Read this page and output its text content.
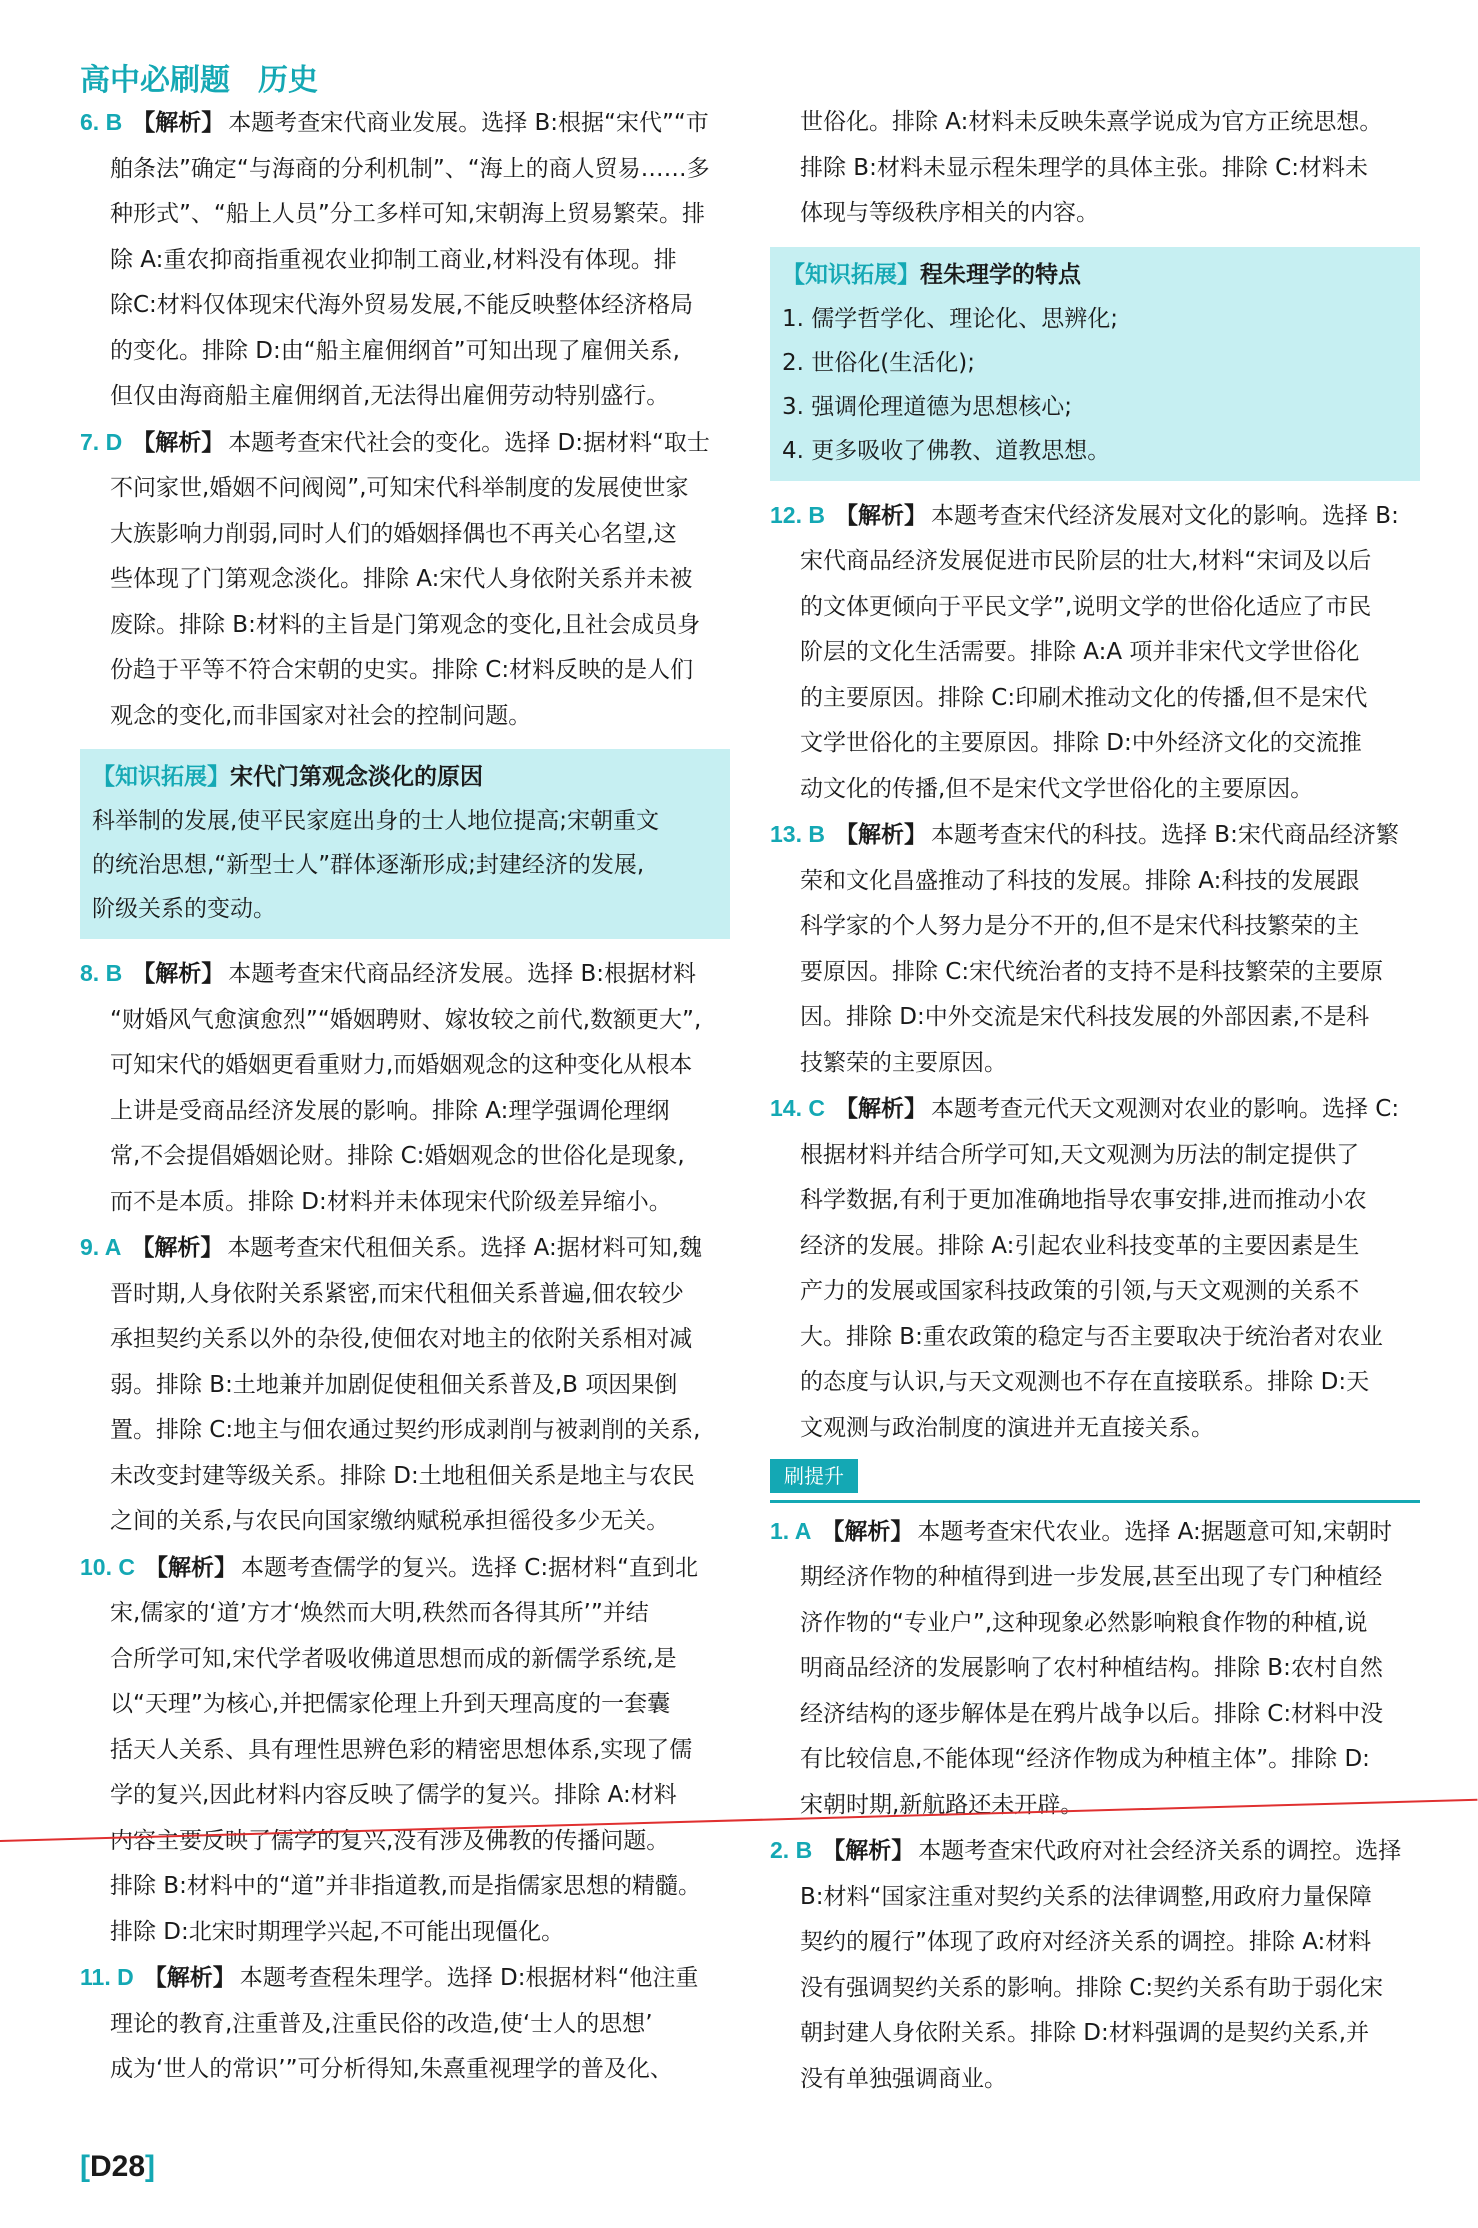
高中必刷题 历史
6. B 【解析】 本题考查宋代商业发展。选择 B:根据“宋代”“市
舶条法”确定“与海商的分利机制”、“海上的商人贸易……多
种形式”、“船上人员”分工多样可知,宋朝海上贸易繁荣。排
除 A:重农抑商指重视农业抑制工商业,材料没有体现。排
除C:材料仅体现宋代海外贸易发展,不能反映整体经济格局
的变化。排除 D:由“船主雇佣纲首”可知出现了雇佣关系,
但仅由海商船主雇佣纲首,无法得出雇佣劳动特别盛行。
7. D 【解析】 本题考查宋代社会的变化。选择 D:据材料“取士
不问家世,婚姻不问阀阅”,可知宋代科举制度的发展使世家
大族影响力削弱,同时人们的婚姻择偶也不再关心名望,这
些体现了门第观念淡化。排除 A:宋代人身依附关系并未被
废除。排除 B:材料的主旨是门第观念的变化,且社会成员身
份趋于平等不符合宋朝的史实。排除 C:材料反映的是人们
观念的变化,而非国家对社会的控制问题。
【知识拓展】宋代门第观念淡化的原因
科举制的发展,使平民家庭出身的士人地位提高;宋朝重文
的统治思想,“新型士人”群体逐渐形成;封建经济的发展,
阶级关系的变动。
8. B 【解析】 本题考查宋代商品经济发展。选择 B:根据材料
“财婚风气愈演愈烈”“婚姻聘财、嫁妆较之前代,数额更大”,
可知宋代的婚姻更看重财力,而婚姻观念的这种变化从根本
上讲是受商品经济发展的影响。排除 A:理学强调伦理纲
常,不会提倡婚姻论财。排除 C:婚姻观念的世俗化是现象,
而不是本质。排除 D:材料并未体现宋代阶级差异缩小。
9. A 【解析】 本题考查宋代租佃关系。选择 A:据材料可知,魏
晋时期,人身依附关系紧密,而宋代租佃关系普遍,佃农较少
承担契约关系以外的杂役,使佃农对地主的依附关系相对减
弱。排除 B:土地兼并加剧促使租佃关系普及,B 项因果倒
置。排除 C:地主与佃农通过契约形成剥削与被剥削的关系,
未改变封建等级关系。排除 D:土地租佃关系是地主与农民
之间的关系,与农民向国家缴纳赋税承担徭役多少无关。
10. C 【解析】 本题考查儒学的复兴。选择 C:据材料“直到北
宋,儒家的‘道’方才‘焕然而大明,秩然而各得其所’”并结
合所学可知,宋代学者吸收佛道思想而成的新儒学系统,是
以“天理”为核心,并把儒家伦理上升到天理高度的一套囊
括天人关系、具有理性思辨色彩的精密思想体系,实现了儒
学的复兴,因此材料内容反映了儒学的复兴。排除 A:材料
内容主要反映了儒学的复兴,没有涉及佛教的传播问题。
排除 B:材料中的“道”并非指道教,而是指儒家思想的精髓。
排除 D:北宋时期理学兴起,不可能出现僵化。
11. D 【解析】 本题考查程朱理学。选择 D:根据材料“他注重
理论的教育,注重普及,注重民俗的改造,使‘士人的思想’
成为‘世人的常识’”可分析得知,朱熹重视理学的普及化、
世俗化。排除 A:材料未反映朱熹学说成为官方正统思想。
排除 B:材料未显示程朱理学的具体主张。排除 C:材料未
体现与等级秩序相关的内容。
【知识拓展】程朱理学的特点
1. 儒学哲学化、理论化、思辨化;
2. 世俗化(生活化);
3. 强调伦理道德为思想核心;
4. 更多吸收了佛教、道教思想。
12. B 【解析】 本题考查宋代经济发展对文化的影响。选择 B:
宋代商品经济发展促进市民阶层的壮大,材料“宋词及以后
的文体更倾向于平民文学”,说明文学的世俗化适应了市民
阶层的文化生活需要。排除 A:A 项并非宋代文学世俗化
的主要原因。排除 C:印刷术推动文化的传播,但不是宋代
文学世俗化的主要原因。排除 D:中外经济文化的交流推
动文化的传播,但不是宋代文学世俗化的主要原因。
13. B 【解析】 本题考查宋代的科技。选择 B:宋代商品经济繁
荣和文化昌盛推动了科技的发展。排除 A:科技的发展跟
科学家的个人努力是分不开的,但不是宋代科技繁荣的主
要原因。排除 C:宋代统治者的支持不是科技繁荣的主要原
因。排除 D:中外交流是宋代科技发展的外部因素,不是科
技繁荣的主要原因。
14. C 【解析】 本题考查元代天文观测对农业的影响。选择 C:
根据材料并结合所学可知,天文观测为历法的制定提供了
科学数据,有利于更加准确地指导农事安排,进而推动小农
经济的发展。排除 A:引起农业科技变革的主要因素是生
产力的发展或国家科技政策的引领,与天文观测的关系不
大。排除 B:重农政策的稳定与否主要取决于统治者对农业
的态度与认识,与天文观测也不存在直接联系。排除 D:天
文观测与政治制度的演进并无直接关系。
刷提升
1. A 【解析】 本题考查宋代农业。选择 A:据题意可知,宋朝时
期经济作物的种植得到进一步发展,甚至出现了专门种植经
济作物的“专业户”,这种现象必然影响粮食作物的种植,说
明商品经济的发展影响了农村种植结构。排除 B:农村自然
经济结构的逐步解体是在鸦片战争以后。排除 C:材料中没
有比较信息,不能体现“经济作物成为种植主体”。排除 D:
宋朝时期,新航路还未开辟。
2. B 【解析】 本题考查宋代政府对社会经济关系的调控。选择
B:材料“国家注重对契约关系的法律调整,用政府力量保障
契约的履行”体现了政府对经济关系的调控。排除 A:材料
没有强调契约关系的影响。排除 C:契约关系有助于弱化宋
朝封建人身依附关系。排除 D:材料强调的是契约关系,并
没有单独强调商业。
[D28]
